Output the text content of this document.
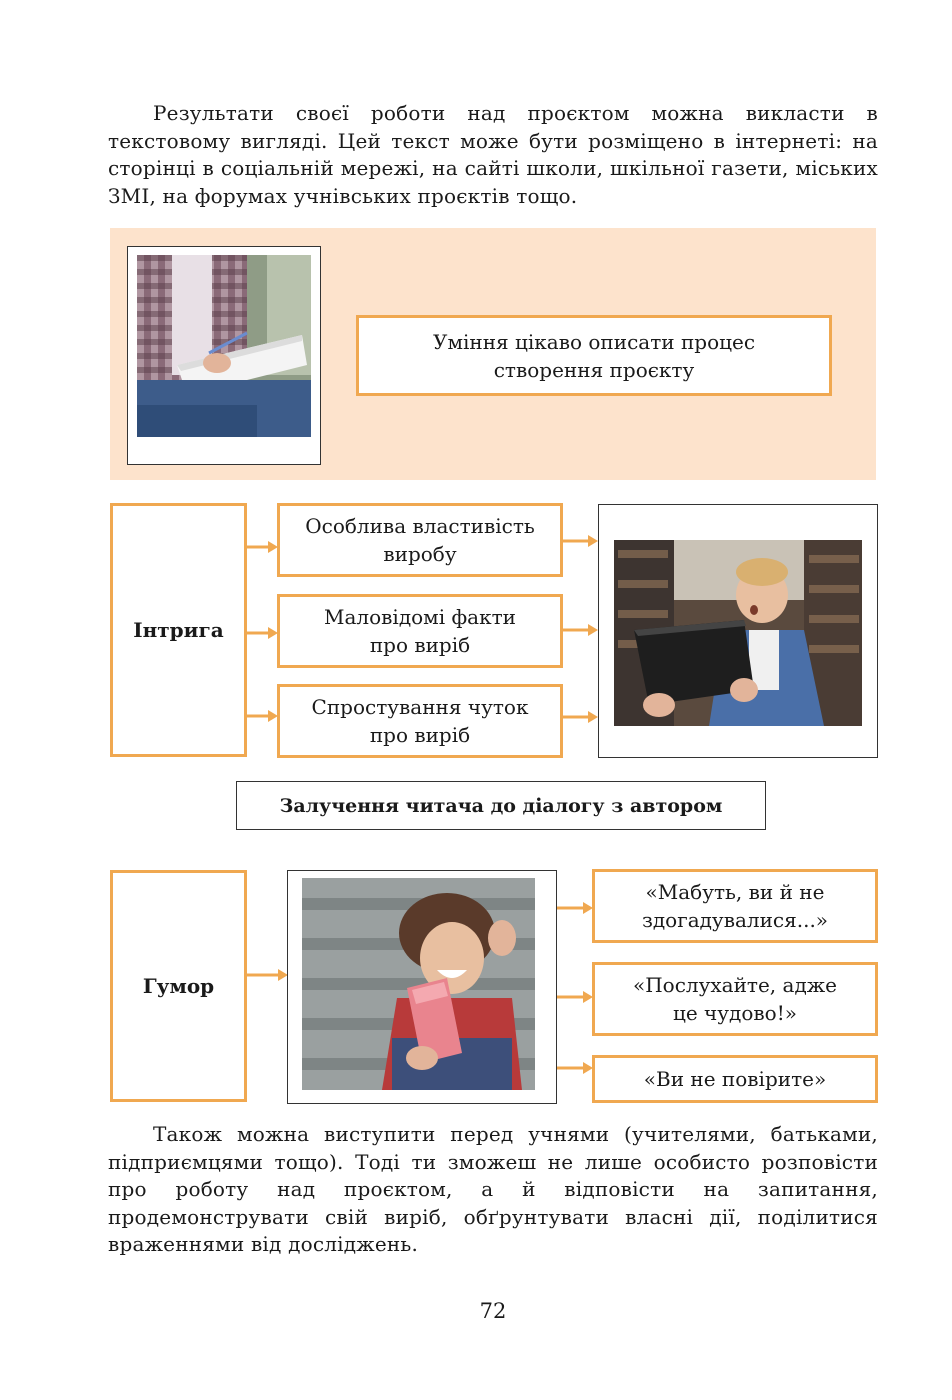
Результати своєї роботи над проєктом можна викласти в текстовому вигляді. Цей текст може бути розміщено в інтернеті: на сторінці в соціальній мережі, на сайті школи, шкільної газети, міських ЗМІ, на форумах учнівських проєктів тощо.

Уміння цікаво описати процес
створення проєкту
Інтрига
Особлива властивість
виробу
Маловідомі факти
про виріб
Спростування чуток
про виріб
Залучення читача до діалогу з автором
Гумор
«Мабуть, ви й не
здогадувалися...»
«Послухайте, адже
це чудово!»
«Ви не повірите»

Також можна виступити перед учнями (учителями, батьками, підприємцями тощо). Тоді ти зможеш не лише особисто розповісти про роботу над проєктом, а й відповісти на запитання, продемонструвати свій виріб, обґрунтувати власні дії, поділитися враженнями від досліджень.

72
